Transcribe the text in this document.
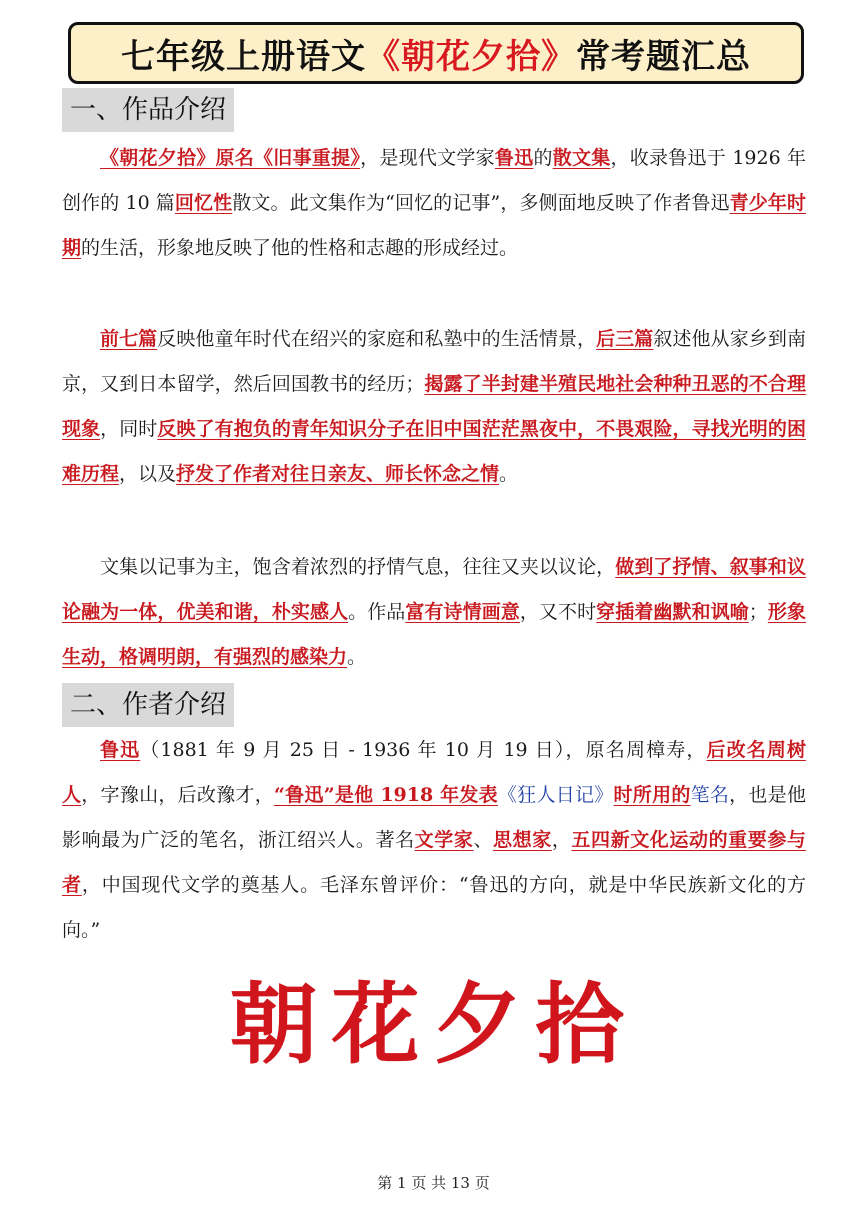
七年级上册语文 《朝花夕拾》 常考题汇总
一、作品介绍

《朝花夕拾》原名《旧事重提》，是现代文学家鲁迅的散文集，收录鲁迅于 1926 年创作的 10 篇回忆性散文。此文集作为“回忆的记事”，多侧面地反映了作者鲁迅青少年时期的生活，形象地反映了他的性格和志趣的形成经过。

前七篇反映他童年时代在绍兴的家庭和私塾中的生活情景，后三篇叙述他从家乡到南京，又到日本留学，然后回国教书的经历；揭露了半封建半殖民地社会种种丑恶的不合理现象，同时反映了有抱负的青年知识分子在旧中国茫茫黑夜中，不畏艰险，寻找光明的困难历程，以及抒发了作者对往日亲友、师长怀念之情。

文集以记事为主，饱含着浓烈的抒情气息，往往又夹以议论，做到了抒情、叙事和议论融为一体，优美和谐，朴实感人。作品富有诗情画意，又不时穿插着幽默和讽喻；形象生动，格调明朗，有强烈的感染力。

二、作者介绍

鲁迅（1881 年 9 月 25 日 - 1936 年 10 月 19 日），原名周樟寿，后改名周树人，字豫山，后改豫才，“鲁迅”是他 1918 年发表《狂人日记》时所用的笔名，也是他影响最为广泛的笔名，浙江绍兴人。著名文学家、思想家，五四新文化运动的重要参与者，中国现代文学的奠基人。毛泽东曾评价：“鲁迅的方向，就是中华民族新文化的方向。”

朝花夕拾
第 1 页 共 13 页
